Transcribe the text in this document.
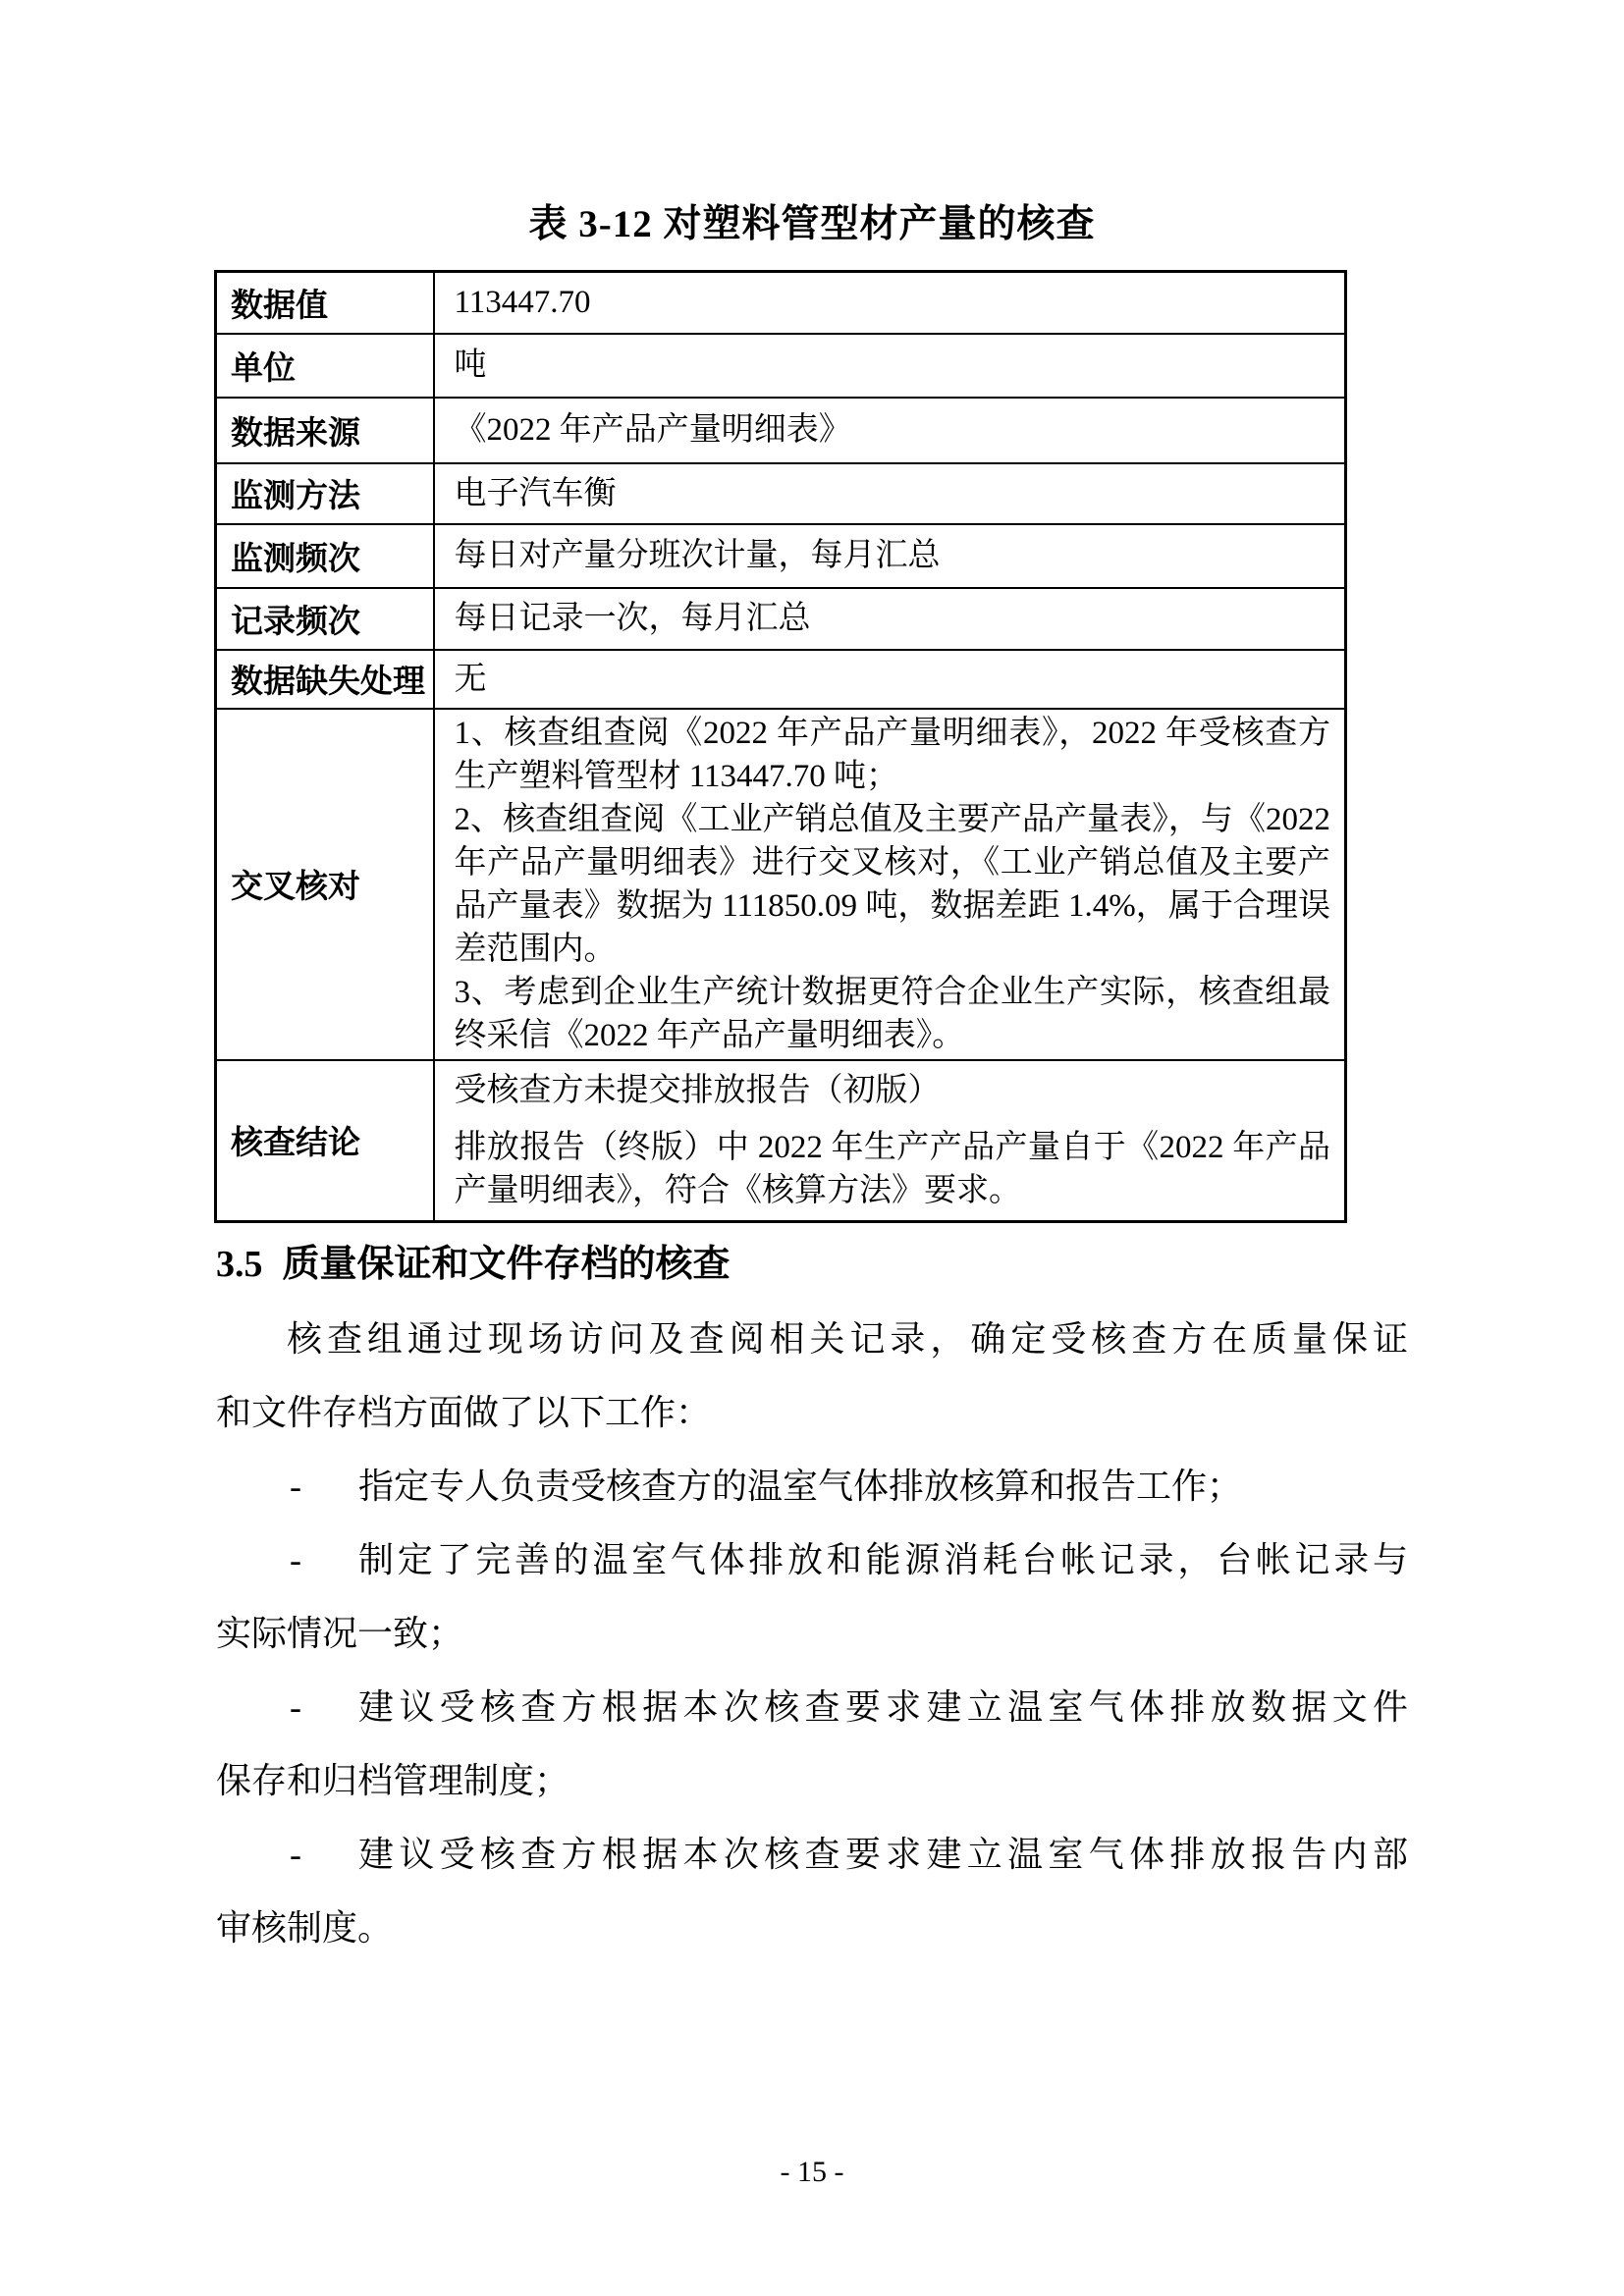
表 3-12 对塑料管型材产量的核查
数据值	113447.70
单位	吨
数据来源	《2022 年产品产量明细表》
监测方法	电子汽车衡
监测频次	每日对产量分班次计量，每月汇总
记录频次	每日记录一次，每月汇总
数据缺失处理	无
交叉核对	1、核查组查阅《2022 年产品产量明细表》，2022 年受核查方生产塑料管型材 113447.70 吨；

2、核查组查阅《工业产销总值及主要产品产量表》，与《2022 年产品产量明细表》进行交叉核对，《工业产销总值及主要产品产量表》数据为 111850.09 吨，数据差距 1.4%，属于合理误差范围内。

3、考虑到企业生产统计数据更符合企业生产实际，核查组最终采信《2022 年产品产量明细表》。

核查结论	受核查方未提交排放报告（初版）

排放报告（终版）中 2022 年生产产品产量自于《2022 年产品产量明细表》，符合《核算方法》要求。

3.5 质量保证和文件存档的核查
核查组通过现场访问及查阅相关记录，确定受核查方在质量保证
和文件存档方面做了以下工作：
- 指定专人负责受核查方的温室气体排放核算和报告工作；
- 制定了完善的温室气体排放和能源消耗台帐记录，台帐记录与
实际情况一致；
- 建议受核查方根据本次核查要求建立温室气体排放数据文件
保存和归档管理制度；
- 建议受核查方根据本次核查要求建立温室气体排放报告内部
审核制度。
- 15 -
